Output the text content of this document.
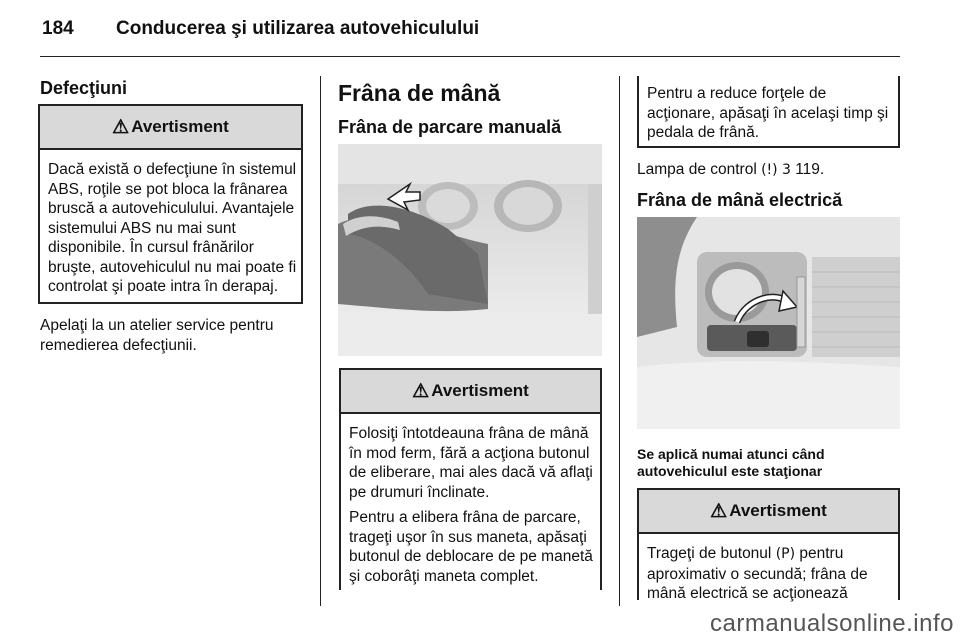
184 Conducerea şi utilizarea autovehiculului
Defecţiuni
⚠ Avertisment

Dacă există o defecţiune în sistemul ABS, roţile se pot bloca la frânarea bruscă a autovehiculului. Avantajele sistemului ABS nu mai sunt disponibile. În cursul frânărilor bruşte, autovehiculul nu mai poate fi controlat şi poate intra în derapaj.

Apelaţi la un atelier service pentru remedierea defecţiunii.
Frâna de mână
Frâna de parcare manuală
⚠ Avertisment

Folosiţi întotdeauna frâna de mână în mod ferm, fără a acţiona butonul de eliberare, mai ales dacă vă aflaţi pe drumuri înclinate.

Pentru a elibera frâna de parcare, trageţi uşor în sus maneta, apăsaţi butonul de deblocare de pe manetă şi coborâţi maneta complet.

Pentru a reduce forţele de acţionare, apăsaţi în acelaşi timp şi pedala de frână.
Lampa de control (!) 3 119.
Frâna de mână electrică
Se aplică numai atunci când autovehiculul este staţionar
⚠ Avertisment

Trageţi de butonul (P) pentru aproximativ o secundă; frâna de mână electrică se acţionează

carmanualsonline.info
